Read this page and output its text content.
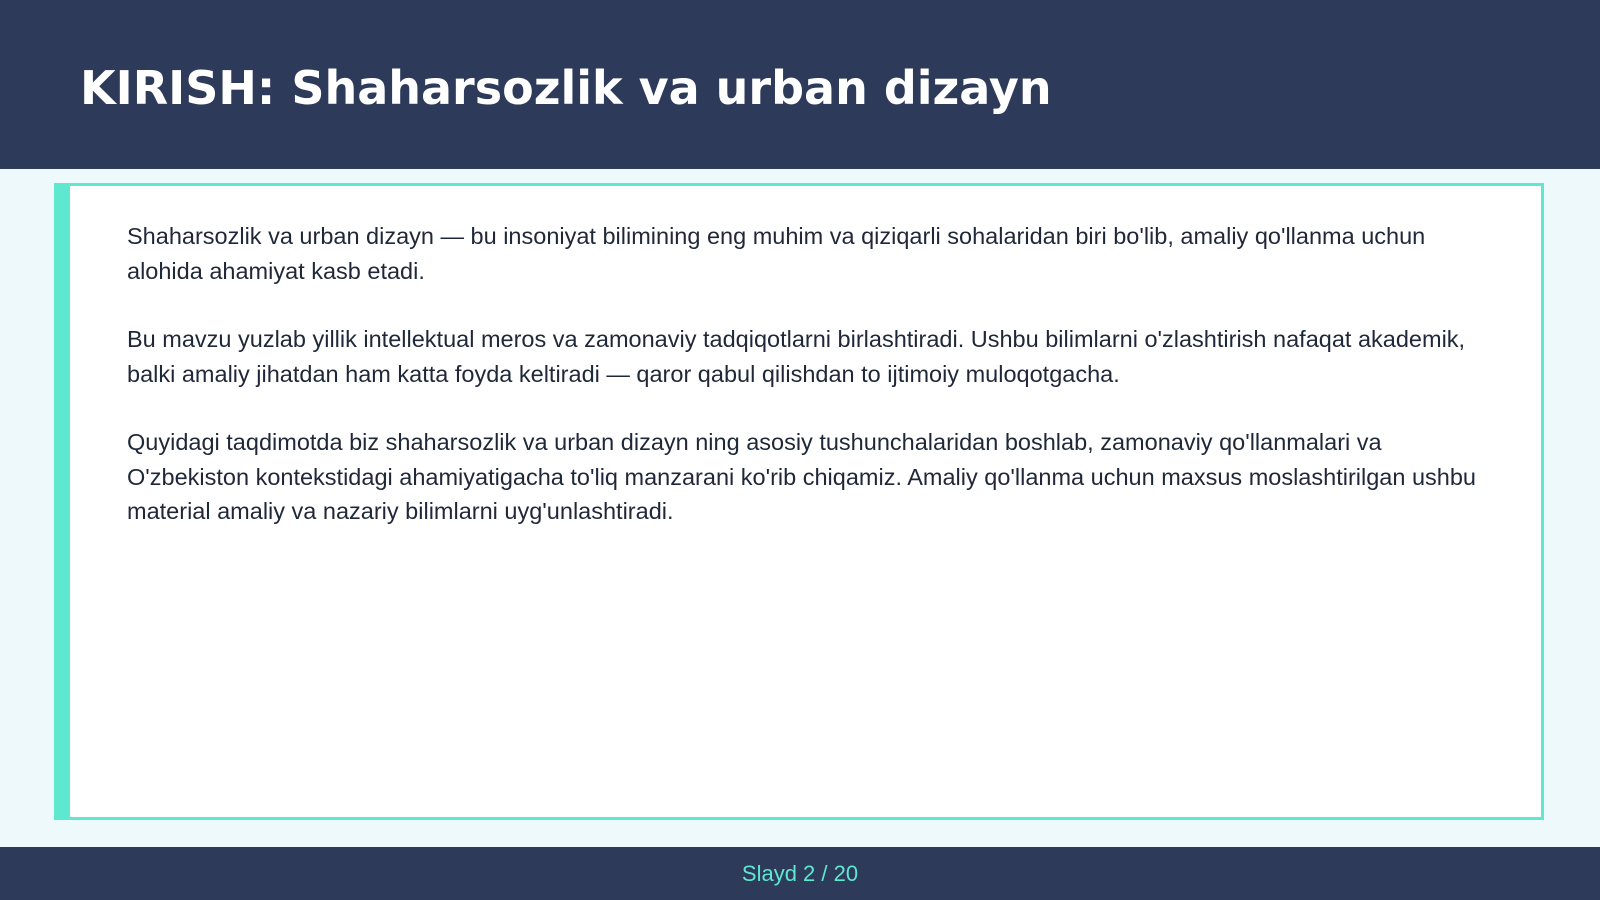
KIRISH: Shaharsozlik va urban dizayn

Shaharsozlik va urban dizayn — bu insoniyat bilimining eng muhim va qiziqarli sohalaridan biri bo'lib, amaliy qo'llanma uchun alohida ahamiyat kasb etadi.

Bu mavzu yuzlab yillik intellektual meros va zamonaviy tadqiqotlarni birlashtiradi. Ushbu bilimlarni o'zlashtirish nafaqat akademik, balki amaliy jihatdan ham katta foyda keltiradi — qaror qabul qilishdan to ijtimoiy muloqotgacha.

Quyidagi taqdimotda biz shaharsozlik va urban dizayn ning asosiy tushunchalaridan boshlab, zamonaviy qo'llanmalari va O'zbekiston kontekstidagi ahamiyatigacha to'liq manzarani ko'rib chiqamiz. Amaliy qo'llanma uchun maxsus moslashtirilgan ushbu material amaliy va nazariy bilimlarni uyg'unlashtiradi.

Slayd 2 / 20
